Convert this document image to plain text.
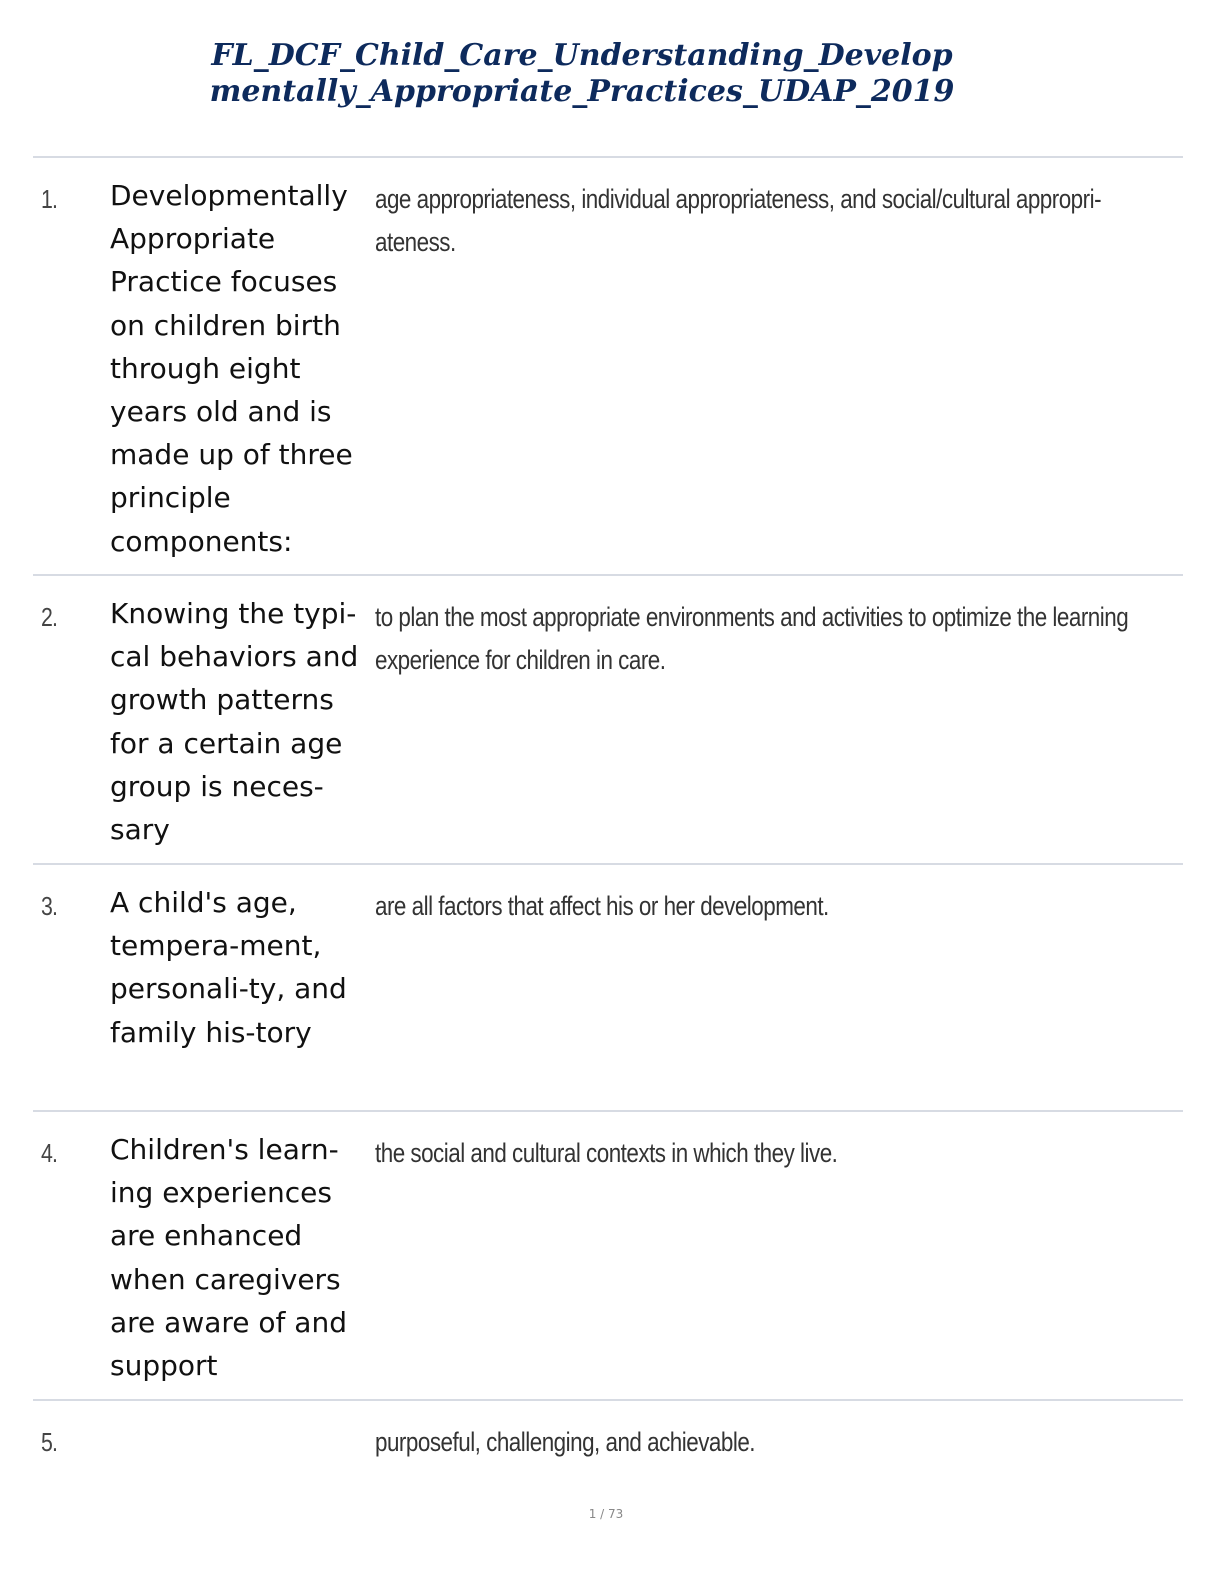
FL_DCF_Child_Care_Understanding_Develop
mentally_Appropriate_Practices_UDAP_2019
1. Developmentally Appropriate Practice focuses on children birth through eight years old and is made up of three principle components:
age appropriateness, individual appropriateness, and social/cultural appropri-ateness.
2. Knowing the typi-cal behaviors and growth patterns for a certain age group is neces-sary
to plan the most appropriate environments and activities to optimize the learning experience for children in care.
3. A child's age, tempera-ment, personali-ty, and family his-tory
are all factors that affect his or her development.
4. Children's learn-ing experiences are enhanced when caregivers are aware of and support
the social and cultural contexts in which they live.
5.	purposeful, challenging, and achievable.
1 / 73
